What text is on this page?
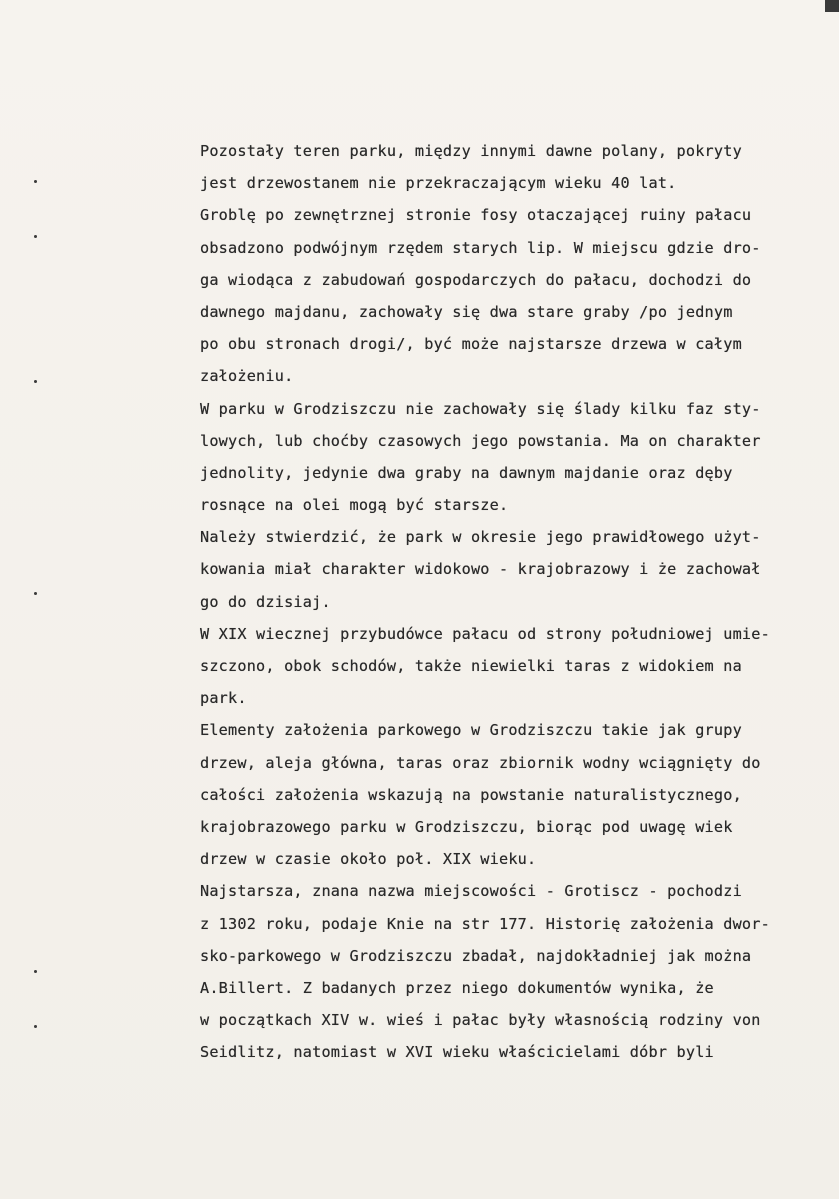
Pozostały teren parku, między innymi dawne polany, pokryty
jest drzewostanem nie przekraczającym wieku 40 lat.
Groblę po zewnętrznej stronie fosy otaczającej ruiny pałacu
obsadzono podwójnym rzędem starych lip. W miejscu gdzie dro-
ga wiodąca z zabudowań gospodarczych do pałacu, dochodzi do
dawnego majdanu, zachowały się dwa stare graby /po jednym
po obu stronach drogi/, być może najstarsze drzewa w całym
założeniu.
W parku w Grodziszczu nie zachowały się ślady kilku faz sty-
lowych, lub choćby czasowych jego powstania. Ma on charakter
jednolity, jedynie dwa graby na dawnym majdanie oraz dęby
rosnące na olei mogą być starsze.
Należy stwierdzić, że park w okresie jego prawidłowego użyt-
kowania miał charakter widokowo - krajobrazowy i że zachował
go do dzisiaj.
W XIX wiecznej przybudówce pałacu od strony południowej umie-
szczono, obok schodów, także niewielki taras z widokiem na
park.
Elementy założenia parkowego w Grodziszczu takie jak grupy
drzew, aleja główna, taras oraz zbiornik wodny wciągnięty do
całości założenia wskazują na powstanie naturalistycznego,
krajobrazowego parku w Grodziszczu, biorąc pod uwagę wiek
drzew w czasie około poł. XIX wieku.
Najstarsza, znana nazwa miejscowości - Grotiscz - pochodzi
z 1302 roku, podaje Knie na str 177. Historię założenia dwor-
sko-parkowego w Grodziszczu zbadał, najdokładniej jak można
A.Billert. Z badanych przez niego dokumentów wynika, że
w początkach XIV w. wieś i pałac były własnością rodziny von
Seidlitz, natomiast w XVI wieku właścicielami dóbr byli
